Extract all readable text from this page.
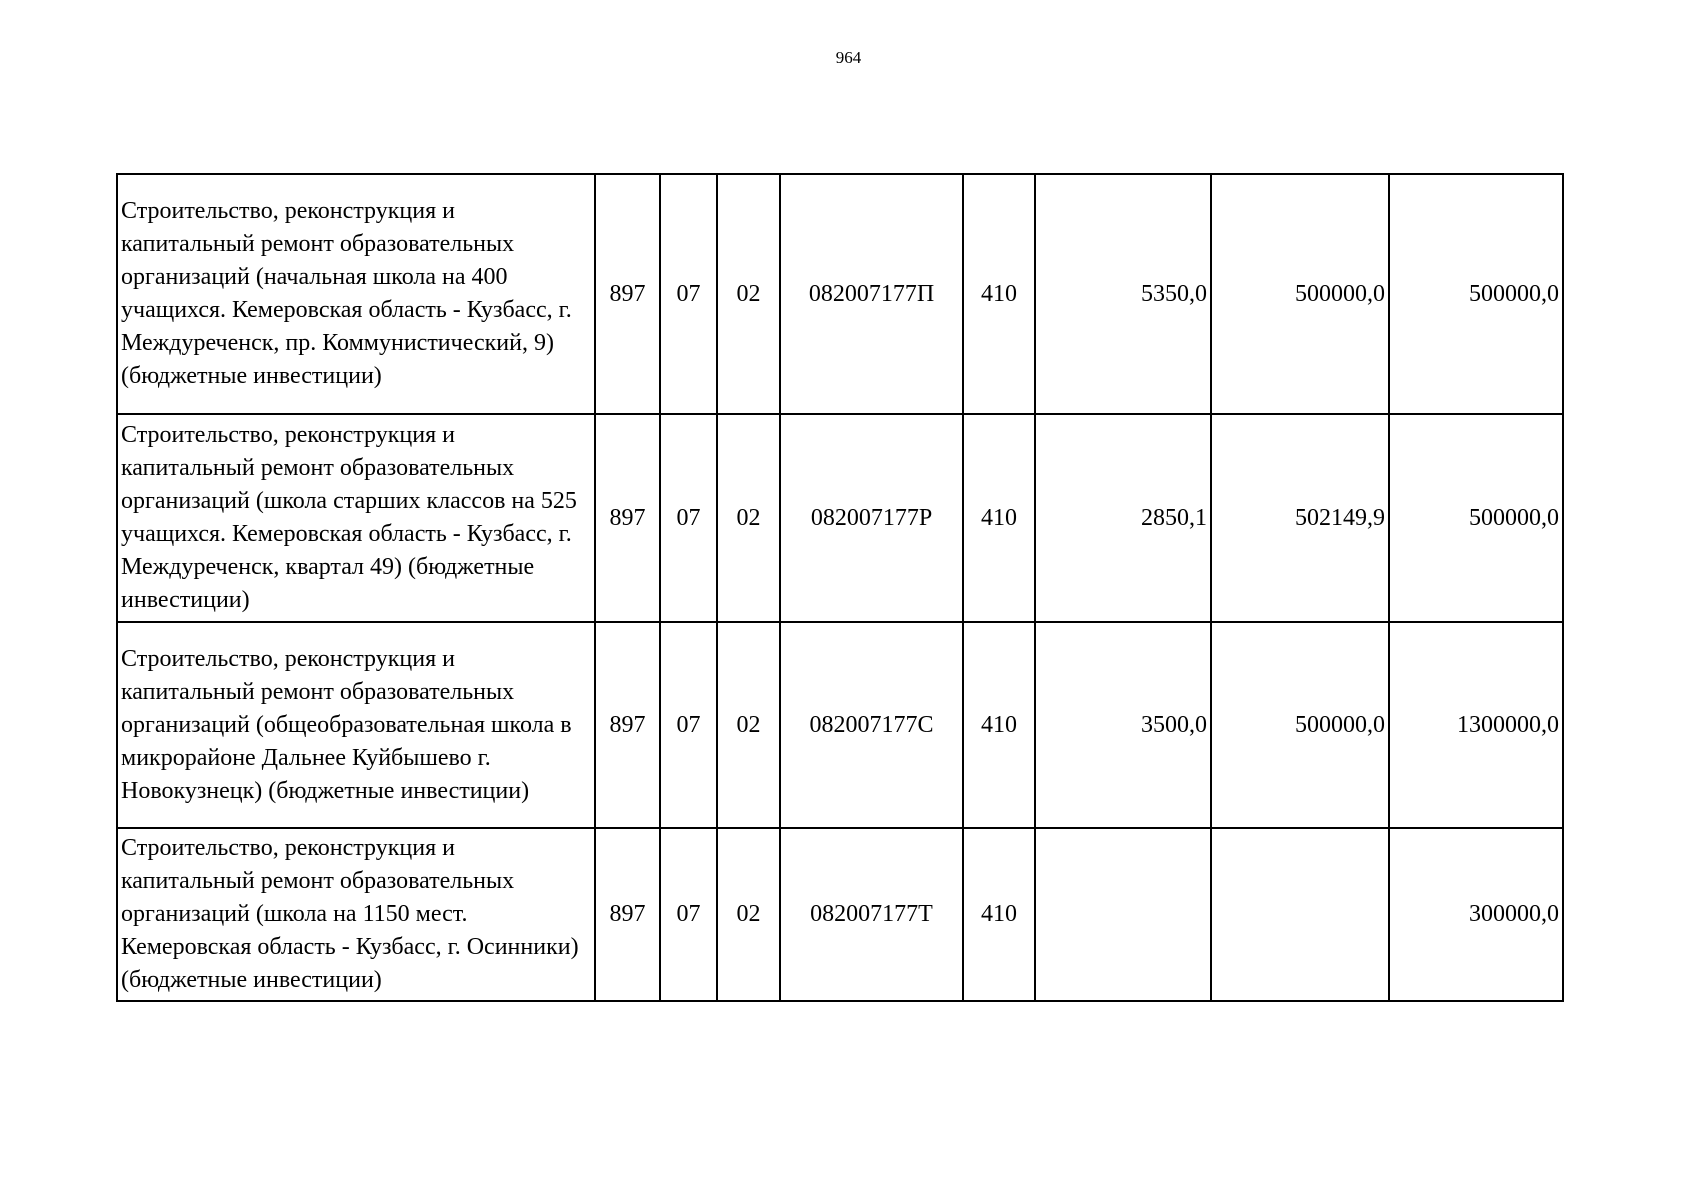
964
Строительство, реконструкция и капитальный ремонт образовательных организаций (начальная школа на 400 учащихся. Кемеровская область - Кузбасс, г. Междуреченск, пр. Коммунистический, 9) (бюджетные инвестиции)	897	07	02	082007177П	410	5350,0	500000,0	500000,0
Строительство, реконструкция и капитальный ремонт образовательных организаций (школа старших классов на 525 учащихся. Кемеровская область - Кузбасс, г. Междуреченск, квартал 49) (бюджетные инвестиции)	897	07	02	082007177Р	410	2850,1	502149,9	500000,0
Строительство, реконструкция и капитальный ремонт образовательных организаций (общеобразовательная школа в микрорайоне Дальнее Куйбышево г. Новокузнецк) (бюджетные инвестиции)	897	07	02	082007177С	410	3500,0	500000,0	1300000,0
Строительство, реконструкция и капитальный ремонт образовательных организаций (школа на 1150 мест. Кемеровская область - Кузбасс, г. Осинники) (бюджетные инвестиции)	897	07	02	082007177Т	410			300000,0
